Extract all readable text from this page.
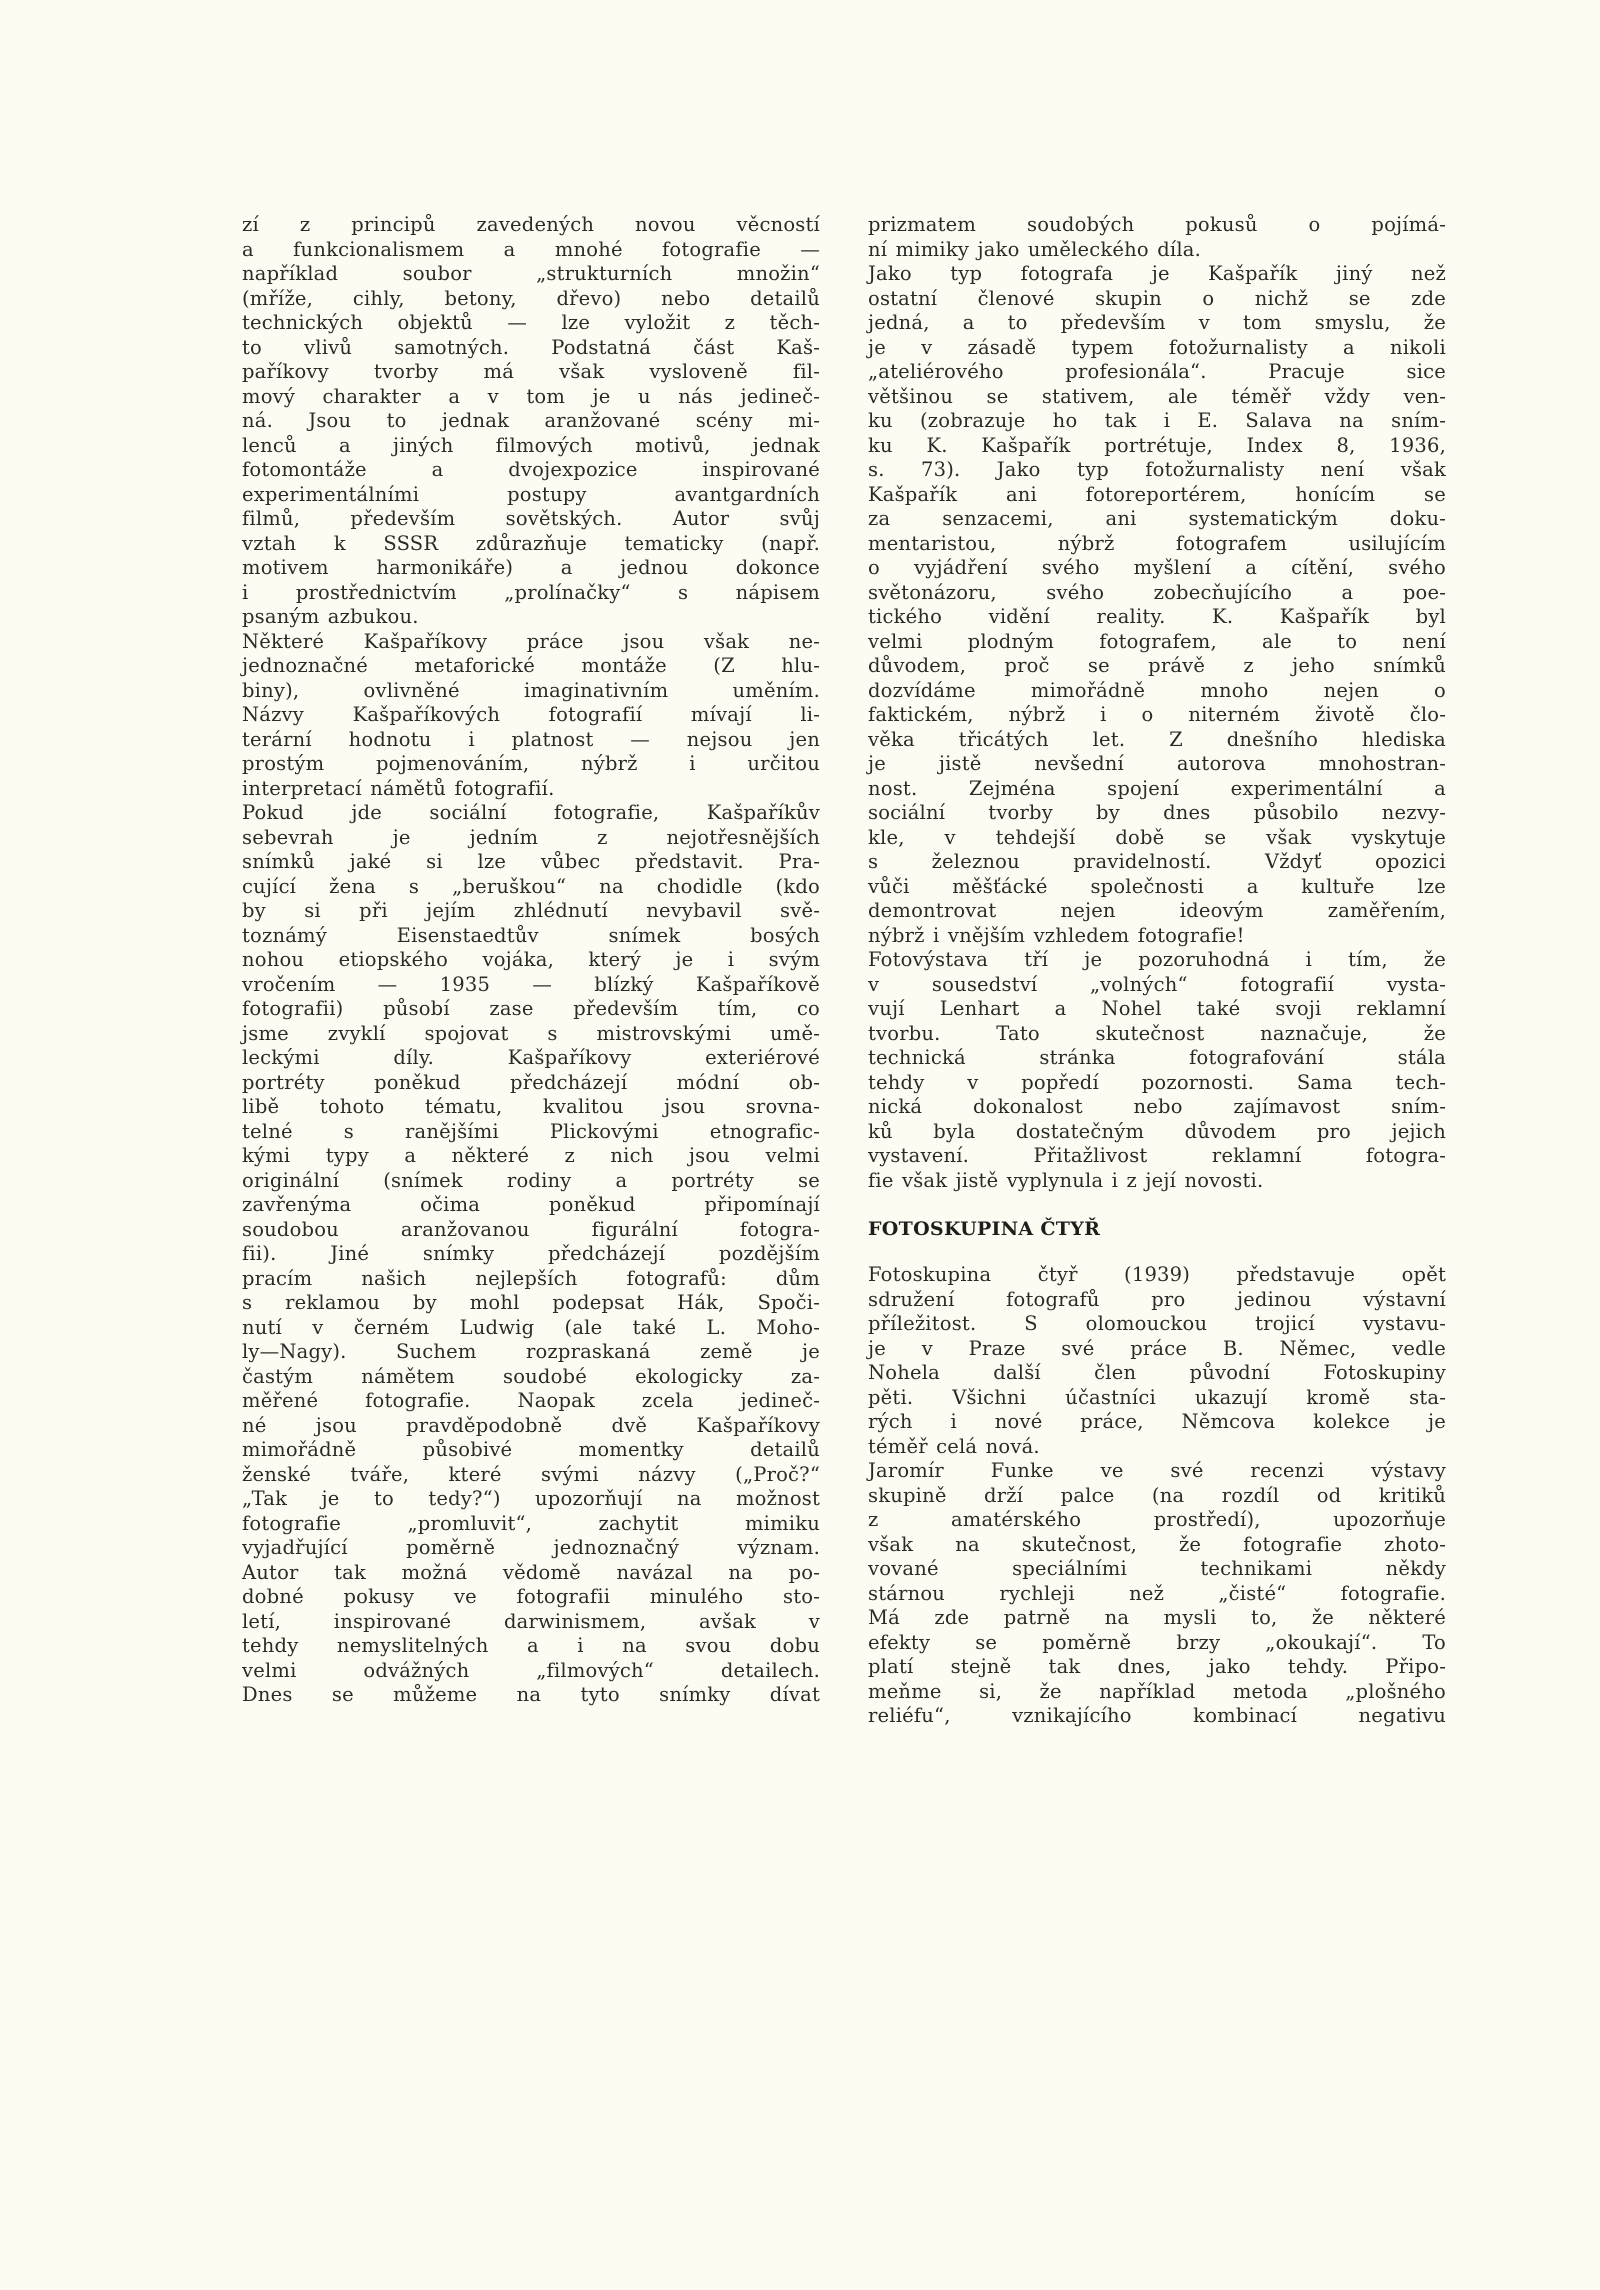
zí z principů zavedených novou věcností
a funkcionalismem a mnohé fotografie —
například soubor „strukturních množin“
(mříže, cihly, betony, dřevo) nebo detailů
technických objektů — lze vyložit z těch-
to vlivů samotných. Podstatná část Kaš-
paříkovy tvorby má však vysloveně fil-
mový charakter a v tom je u nás jedineč-
ná. Jsou to jednak aranžované scény mi-
lenců a jiných filmových motivů, jednak
fotomontáže a dvojexpozice inspirované
experimentálními postupy avantgardních
filmů, především sovětských. Autor svůj
vztah k SSSR zdůrazňuje tematicky (např.
motivem harmonikáře) a jednou dokonce
i prostřednictvím „prolínačky“ s nápisem
psaným azbukou.
Některé Kašpaříkovy práce jsou však ne-
jednoznačné metaforické montáže (Z hlu-
biny), ovlivněné imaginativním uměním.
Názvy Kašpaříkových fotografií mívají li-
terární hodnotu i platnost — nejsou jen
prostým pojmenováním, nýbrž i určitou
interpretací námětů fotografií.
Pokud jde sociální fotografie, Kašpaříkův
sebevrah je jedním z nejotřesnějších
snímků jaké si lze vůbec představit. Pra-
cující žena s „beruškou“ na chodidle (kdo
by si při jejím zhlédnutí nevybavil svě-
toznámý Eisenstaedtův snímek bosých
nohou etiopského vojáka, který je i svým
vročením — 1935 — blízký Kašpaříkově
fotografii) působí zase především tím, co
jsme zvyklí spojovat s mistrovskými umě-
leckými díly. Kašpaříkovy exteriérové
portréty poněkud předcházejí módní ob-
libě tohoto tématu, kvalitou jsou srovna-
telné s ranějšími Plickovými etnografic-
kými typy a některé z nich jsou velmi
originální (snímek rodiny a portréty se
zavřenýma očima poněkud připomínají
soudobou aranžovanou figurální fotogra-
fii). Jiné snímky předcházejí pozdějším
pracím našich nejlepších fotografů: dům
s reklamou by mohl podepsat Hák, Spoči-
nutí v černém Ludwig (ale také L. Moho-
ly—Nagy). Suchem rozpraskaná země je
častým námětem soudobé ekologicky za-
měřené fotografie. Naopak zcela jedineč-
né jsou pravděpodobně dvě Kašpaříkovy
mimořádně působivé momentky detailů
ženské tváře, které svými názvy („Proč?“
„Tak je to tedy?“) upozorňují na možnost
fotografie „promluvit“, zachytit mimiku
vyjadřující poměrně jednoznačný význam.
Autor tak možná vědomě navázal na po-
dobné pokusy ve fotografii minulého sto-
letí, inspirované darwinismem, avšak v
tehdy nemyslitelných a i na svou dobu
velmi odvážných „filmových“ detailech.
Dnes se můžeme na tyto snímky dívat
prizmatem soudobých pokusů o pojímá-
ní mimiky jako uměleckého díla.
Jako typ fotografa je Kašpařík jiný než
ostatní členové skupin o nichž se zde
jedná, a to především v tom smyslu, že
je v zásadě typem fotožurnalisty a nikoli
„ateliérového profesionála“. Pracuje sice
většinou se stativem, ale téměř vždy ven-
ku (zobrazuje ho tak i E. Salava na sním-
ku K. Kašpařík portrétuje, Index 8, 1936,
s. 73). Jako typ fotožurnalisty není však
Kašpařík ani fotoreportérem, honícím se
za senzacemi, ani systematickým doku-
mentaristou, nýbrž fotografem usilujícím
o vyjádření svého myšlení a cítění, svého
světonázoru, svého zobecňujícího a poe-
tického vidění reality. K. Kašpařík byl
velmi plodným fotografem, ale to není
důvodem, proč se právě z jeho snímků
dozvídáme mimořádně mnoho nejen o
faktickém, nýbrž i o niterném životě člo-
věka třicátých let. Z dnešního hlediska
je jistě nevšední autorova mnohostran-
nost. Zejména spojení experimentální a
sociální tvorby by dnes působilo nezvy-
kle, v tehdejší době se však vyskytuje
s železnou pravidelností. Vždyť opozici
vůči měšťácké společnosti a kultuře lze
demontrovat nejen ideovým zaměřením,
nýbrž i vnějším vzhledem fotografie!
Fotovýstava tří je pozoruhodná i tím, že
v sousedství „volných“ fotografií vysta-
vují Lenhart a Nohel také svoji reklamní
tvorbu. Tato skutečnost naznačuje, že
technická stránka fotografování stála
tehdy v popředí pozornosti. Sama tech-
nická dokonalost nebo zajímavost sním-
ků byla dostatečným důvodem pro jejich
vystavení. Přitažlivost reklamní fotogra-
fie však jistě vyplynula i z její novosti.
FOTOSKUPINA ČTYŘ
Fotoskupina čtyř (1939) představuje opět
sdružení fotografů pro jedinou výstavní
příležitost. S olomouckou trojicí vystavu-
je v Praze své práce B. Němec, vedle
Nohela další člen původní Fotoskupiny
pěti. Všichni účastníci ukazují kromě sta-
rých i nové práce, Němcova kolekce je
téměř celá nová.
Jaromír Funke ve své recenzi výstavy
skupině drží palce (na rozdíl od kritiků
z amatérského prostředí), upozorňuje
však na skutečnost, že fotografie zhoto-
vované speciálními technikami někdy
stárnou rychleji než „čisté“ fotografie.
Má zde patrně na mysli to, že některé
efekty se poměrně brzy „okoukají“. To
platí stejně tak dnes, jako tehdy. Připo-
meňme si, že například metoda „plošného
reliéfu“, vznikajícího kombinací negativu
